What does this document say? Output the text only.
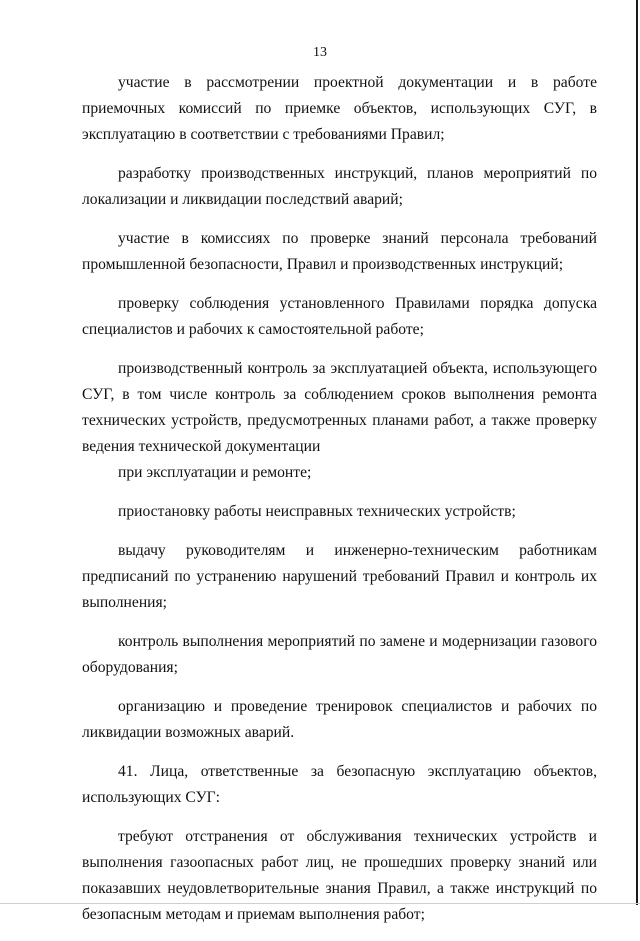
13

участие в рассмотрении проектной документации и в работе приемочных комиссий по приемке объектов, использующих СУГ, в эксплуатацию в соответствии с требованиями Правил;

разработку производственных инструкций, планов мероприятий по локализации и ликвидации последствий аварий;

участие в комиссиях по проверке знаний персонала требований промышленной безопасности, Правил и производственных инструкций;

проверку соблюдения установленного Правилами порядка допуска специалистов и рабочих к самостоятельной работе;

производственный контроль за эксплуатацией объекта, использующего СУГ, в том числе контроль за соблюдением сроков выполнения ремонта технических устройств, предусмотренных планами работ, а также проверку ведения технической документации

при эксплуатации и ремонте;

приостановку работы неисправных технических устройств;

выдачу руководителям и инженерно-техническим работникам предписаний по устранению нарушений требований Правил и контроль их выполнения;

контроль выполнения мероприятий по замене и модернизации газового оборудования;

организацию и проведение тренировок специалистов и рабочих по ликвидации возможных аварий.

41. Лица, ответственные за безопасную эксплуатацию объектов, использующих СУГ:

требуют отстранения от обслуживания технических устройств и выполнения газоопасных работ лиц, не прошедших проверку знаний или показавших неудовлетворительные знания Правил, а также инструкций по безопасным методам и приемам выполнения работ;
